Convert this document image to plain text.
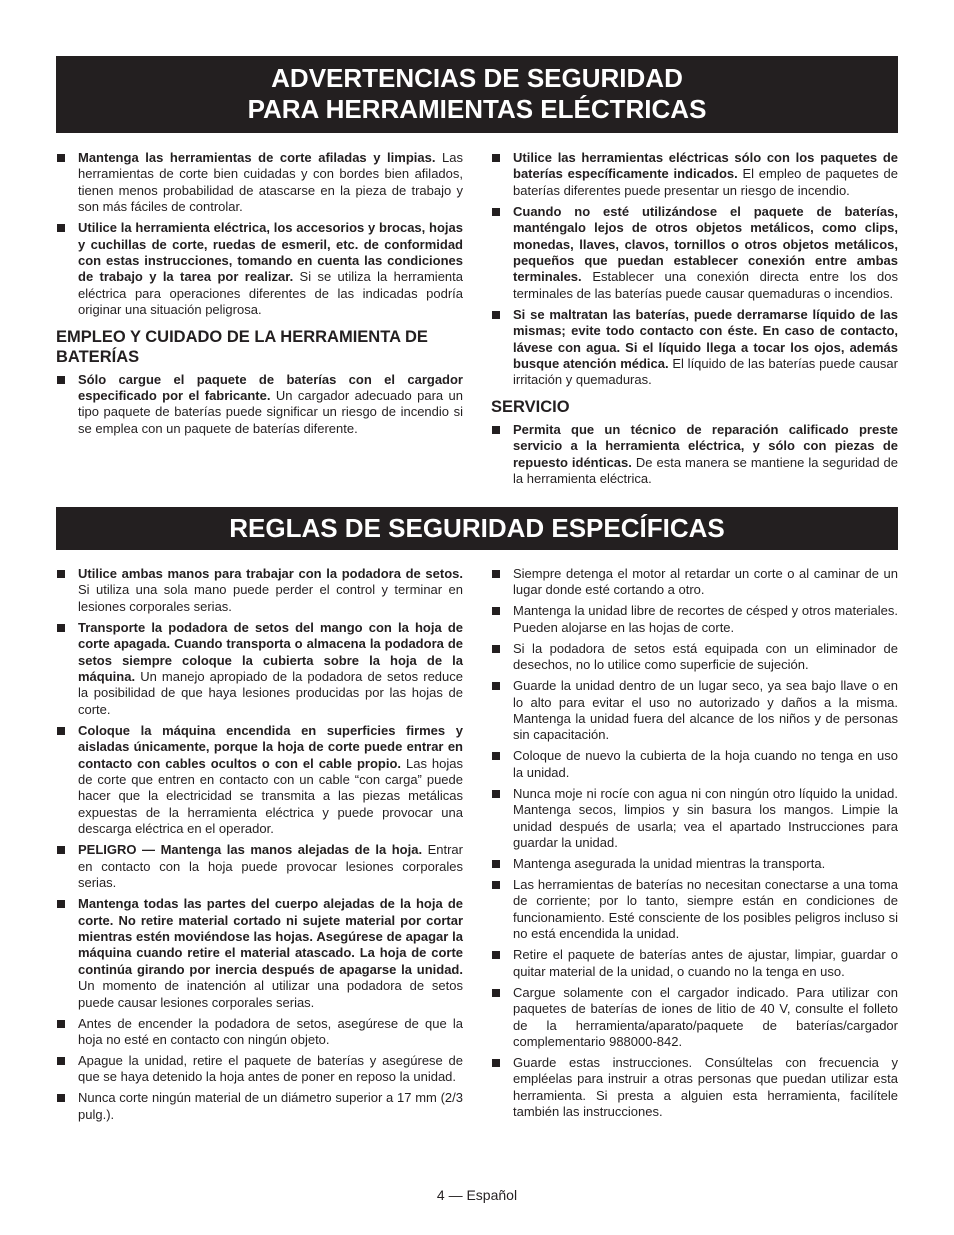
ADVERTENCIAS DE SEGURIDAD
PARA HERRAMIENTAS ELÉCTRICAS
Mantenga las herramientas de corte afiladas y limpias. Las herramientas de corte bien cuidadas y con bordes bien afilados, tienen menos probabilidad de atascarse en la pieza de trabajo y son más fáciles de controlar.
Utilice la herramienta eléctrica, los accesorios y brocas, hojas y cuchillas de corte, ruedas de esmeril, etc. de conformidad con estas instrucciones, tomando en cuenta las condiciones de trabajo y la tarea por realizar. Si se utiliza la herramienta eléctrica para operaciones diferentes de las indicadas podría originar una situación peligrosa.
EMPLEO Y CUIDADO DE LA HERRAMIENTA DE BATERÍAS
Sólo cargue el paquete de baterías con el cargador especificado por el fabricante. Un cargador adecuado para un tipo paquete de baterías puede significar un riesgo de incendio si se emplea con un paquete de baterías diferente.
Utilice las herramientas eléctricas sólo con los paquetes de baterías específicamente indicados. El empleo de paquetes de baterías diferentes puede presentar un riesgo de incendio.
Cuando no esté utilizándose el paquete de baterías, manténgalo lejos de otros objetos metálicos, como clips, monedas, llaves, clavos, tornillos o otros objetos metálicos, pequeños que puedan establecer conexión entre ambas terminales. Establecer una conexión directa entre los dos terminales de las baterías puede causar quemaduras o incendios.
Si se maltratan las baterías, puede derramarse líquido de las mismas; evite todo contacto con éste. En caso de contacto, lávese con agua. Si el líquido llega a tocar los ojos, además busque atención médica. El líquido de las baterías puede causar irritación y quemaduras.
SERVICIO
Permita que un técnico de reparación calificado preste servicio a la herramienta eléctrica, y sólo con piezas de repuesto idénticas. De esta manera se mantiene la seguridad de la herramienta eléctrica.
REGLAS DE SEGURIDAD ESPECÍFICAS
Utilice ambas manos para trabajar con la podadora de setos. Si utiliza una sola mano puede perder el control y terminar en lesiones corporales serias.
Transporte la podadora de setos del mango con la hoja de corte apagada. Cuando transporta o almacena la podadora de setos siempre coloque la cubierta sobre la hoja de la máquina. Un manejo apropiado de la podadora de setos reduce la posibilidad de que haya lesiones producidas por las hojas de corte.
Coloque la máquina encendida en superficies firmes y aisladas únicamente, porque la hoja de corte puede entrar en contacto con cables ocultos o con el cable propio. Las hojas de corte que entren en contacto con un cable “con carga” puede hacer que la electricidad se transmita a las piezas metálicas expuestas de la herramienta eléctrica y puede provocar una descarga eléctrica en el operador.
PELIGRO — Mantenga las manos alejadas de la hoja. Entrar en contacto con la hoja puede provocar lesiones corporales serias.
Mantenga todas las partes del cuerpo alejadas de la hoja de corte. No retire material cortado ni sujete material por cortar mientras estén moviéndose las hojas. Asegúrese de apagar la máquina cuando retire el material atascado. La hoja de corte continúa girando por inercia después de apagarse la unidad. Un momento de inatención al utilizar una podadora de setos puede causar lesiones corporales serias.
Antes de encender la podadora de setos, asegúrese de que la hoja no esté en contacto con ningún objeto.
Apague la unidad, retire el paquete de baterías y asegúrese de que se haya detenido la hoja antes de poner en reposo la unidad.
Nunca corte ningún material de un diámetro superior a 17 mm (2/3 pulg.).
Siempre detenga el motor al retardar un corte o al caminar de un lugar donde esté cortando a otro.
Mantenga la unidad libre de recortes de césped y otros materiales. Pueden alojarse en las hojas de corte.
Si la podadora de setos está equipada con un eliminador de desechos, no lo utilice como superficie de sujeción.
Guarde la unidad dentro de un lugar seco, ya sea bajo llave o en lo alto para evitar el uso no autorizado y daños a la misma. Mantenga la unidad fuera del alcance de los niños y de personas sin capacitación.
Coloque de nuevo la cubierta de la hoja cuando no tenga en uso la unidad.
Nunca moje ni rocíe con agua ni con ningún otro líquido la unidad. Mantenga secos, limpios y sin basura los mangos. Limpie la unidad después de usarla; vea el apartado Instrucciones para guardar la unidad.
Mantenga asegurada la unidad mientras la transporta.
Las herramientas de baterías no necesitan conectarse a una toma de corriente; por lo tanto, siempre están en condiciones de funcionamiento. Esté consciente de los posibles peligros incluso si no está encendida la unidad.
Retire el paquete de baterías antes de ajustar, limpiar, guardar o quitar material de la unidad, o cuando no la tenga en uso.
Cargue solamente con el cargador indicado. Para utilizar con paquetes de baterías de iones de litio de 40 V, consulte el folleto de la herramienta/aparato/paquete de baterías/cargador complementario 988000-842.
Guarde estas instrucciones. Consúltelas con frecuencia y empléelas para instruir a otras personas que puedan utilizar esta herramienta. Si presta a alguien esta herramienta, facilítele también las instrucciones.
4 — Español
